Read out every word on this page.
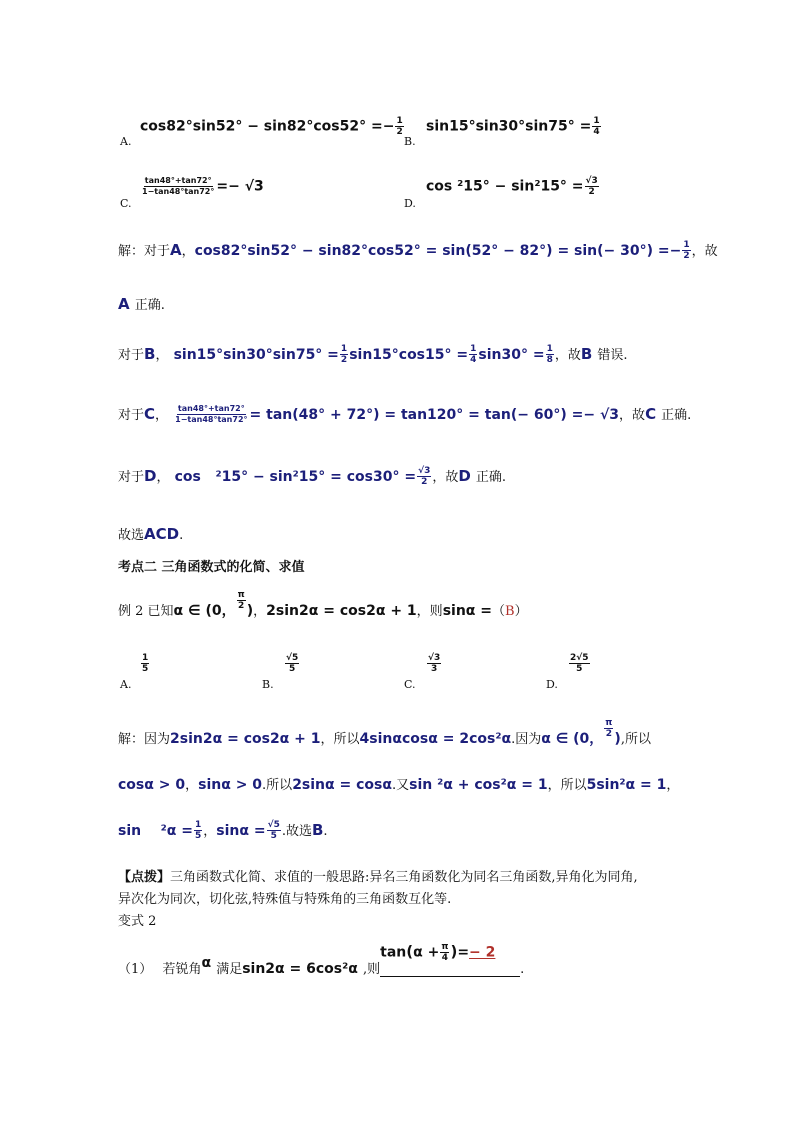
A.
$\cos 82^\circ\sin 52^\circ - \sin 82^\circ\cos 52^\circ =- \frac{1}{2}$
B.
$\sin 15^\circ\sin 30^\circ\sin 75^\circ = \frac{1}{4}$
C.
$\frac{\tan 48^\circ+\tan 72^\circ}{1-\tan 48^\circ\tan 72^\circ} =- √3$
D.
$\cos ^215^\circ - \sin^215^\circ = \frac{√3}{2}$
解：对于A，$\cos 82^\circ\sin 52^\circ - \sin 82^\circ\cos 52^\circ = \sin(52^\circ - 82^\circ) = \sin(- 30^\circ) =- \frac{1}{2}$ ，故
A 正确.
对于B， $\sin 15^\circ\sin 30^\circ\sin 75^\circ = \frac{1}{2} \sin 15^\circ\cos 15^\circ = \frac{1}{4} \sin 30^\circ = \frac{1}{8}$ ，故B 错误.
对于C， $\frac{\tan 48^\circ+\tan 72^\circ}{1-\tan 48^\circ\tan 72^\circ} = \tan(48^\circ + 72^\circ) = \tan 120^\circ = \tan(- 60^\circ) =- √3$，故C 正确.
对于D， $\cos ^215^\circ - \sin^215^\circ = \cos 30^\circ = \frac{√3}{2}$ ，故D 正确.
故选ACD.
考点二 三角函数式的化简、求值
例 2 已知α ∈ (0， $\frac{\pi}{2}$ )，2sin2α = cos2α + 1，则sinα =（B）
A.
$\frac{1}{5}$
B.
$\frac{√5}{5}$
C.
$\frac{√3}{3}$
D.
$\frac{2√5}{5}$
解：因为2sin2α = cos2α + 1，所以4sinαcosα = 2cos²α.因为α ∈ (0， $\frac{\pi}{2}$ ),所以
cosα > 0，sinα > 0.所以2sinα = cosα.又sin ²α + cos²α = 1，所以5sin²α = 1，
sin    $^2\alpha = \frac{1}{5}$ ，$\sin\alpha = \frac{√5}{5}$ .故选B.
【点拨】三角函数式化简、求值的一般思路:异名三角函数化为同名三角函数,异角化为同角,
异次化为同次，切化弦,特殊值与特殊角的三角函数互化等.
变式 2
（1） 若锐角α 满足sin2α = 6cos²α ,则
$\tan(\alpha + \frac{\pi}{4}$ )=− 2
.
